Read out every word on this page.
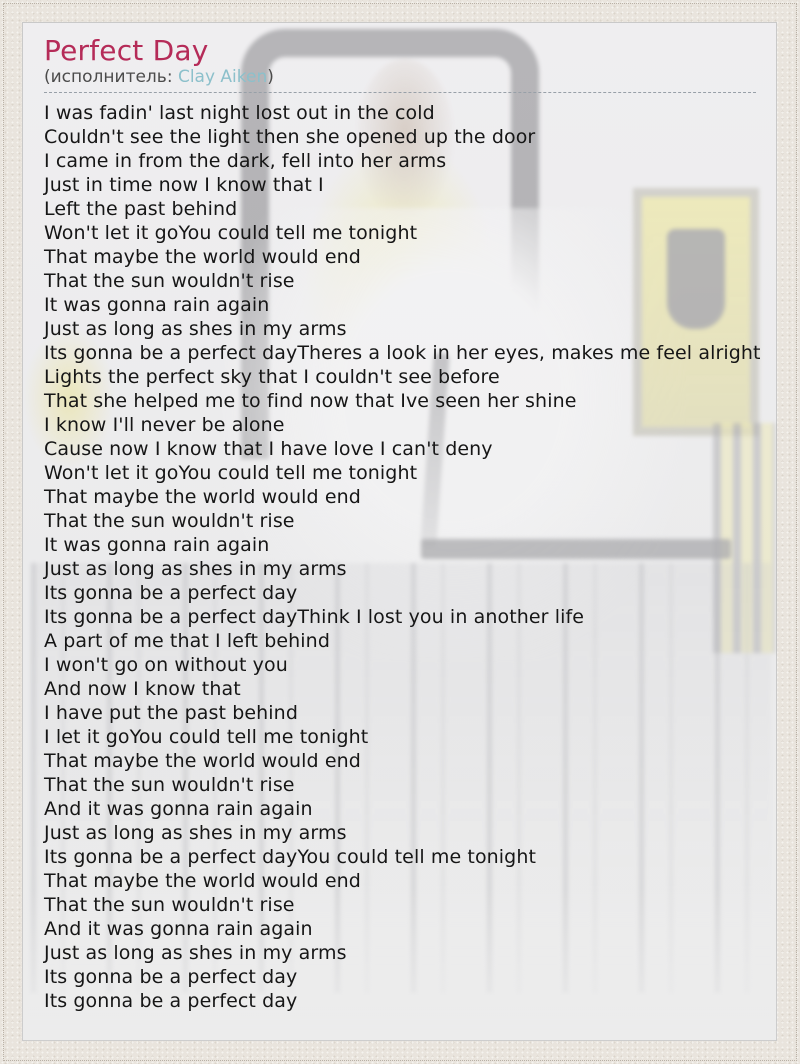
Perfect Day
(исполнитель: Clay Aiken)
I was fadin' last night lost out in the cold
Couldn't see the light then she opened up the door
I came in from the dark, fell into her arms
Just in time now I know that I
Left the past behind
Won't let it goYou could tell me tonight
That maybe the world would end
That the sun wouldn't rise
It was gonna rain again
Just as long as shes in my arms
Its gonna be a perfect dayTheres a look in her eyes, makes me feel alright
Lights the perfect sky that I couldn't see before
That she helped me to find now that Ive seen her shine
I know I'll never be alone
Cause now I know that I have love I can't deny
Won't let it goYou could tell me tonight
That maybe the world would end
That the sun wouldn't rise
It was gonna rain again
Just as long as shes in my arms
Its gonna be a perfect day
Its gonna be a perfect dayThink I lost you in another life
A part of me that I left behind
I won't go on without you
And now I know that
I have put the past behind
I let it goYou could tell me tonight
That maybe the world would end
That the sun wouldn't rise
And it was gonna rain again
Just as long as shes in my arms
Its gonna be a perfect dayYou could tell me tonight
That maybe the world would end
That the sun wouldn't rise
And it was gonna rain again
Just as long as shes in my arms
Its gonna be a perfect day
Its gonna be a perfect day
